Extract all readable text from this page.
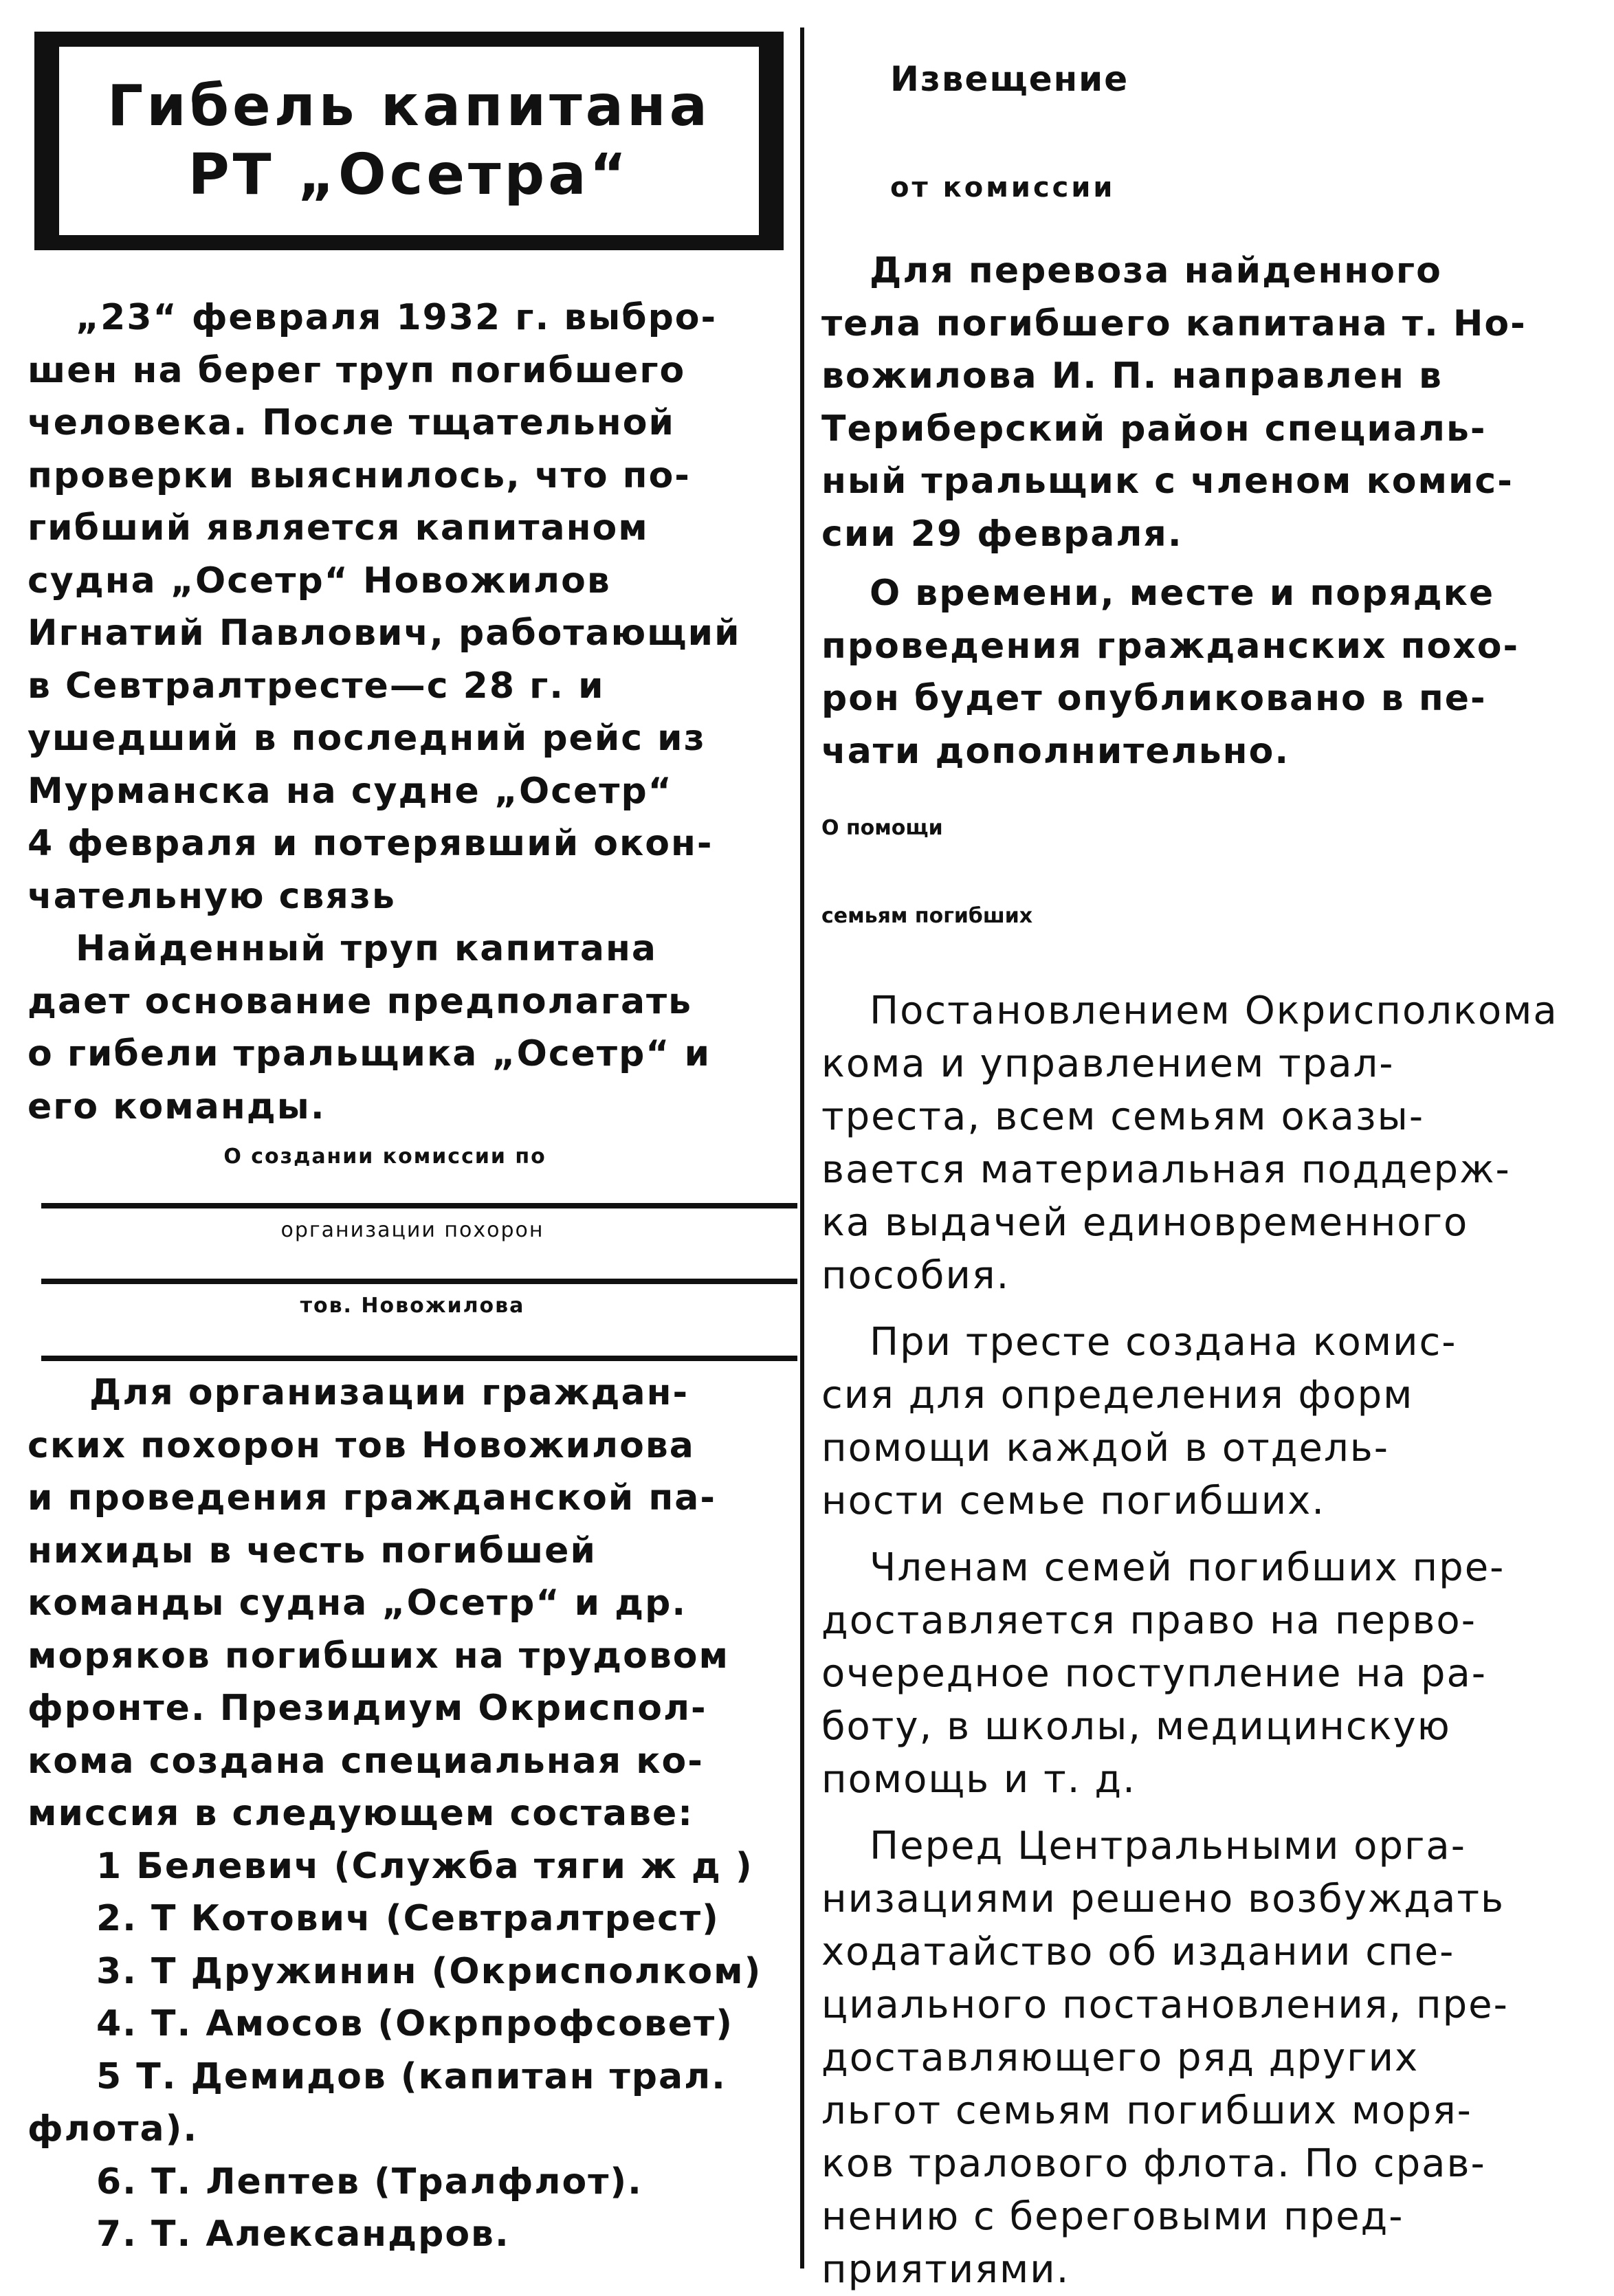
Гибель капитана
РТ „Осетра“
„23“ февраля 1932 г. выбро-
шен на берег труп погибшего
человека. После тщательной
проверки выяснилось, что по-
гибший является капитаном
судна „Осетр“ Новожилов
Игнатий Павлович, работающий
в Севтралтресте—с 28 г. и
ушедший в последний рейс из
Мурманска на судне „Осетр“
4 февраля и потерявший окон-
чательную связь
Найденный труп капитана
дает основание предполагать
о гибели тральщика „Осетр“ и
его команды.
О создании комиссии по
организации похорон
тов. Новожилова
Для организации граждан-
ских похорон тов Новожилова
и проведения гражданской па-
нихиды в честь погибшей
команды судна „Осетр“ и др.
моряков погибших на трудовом
фронте. Президиум Окриспол-
кома создана специальная ко-
миссия в следующем составе:
1 Белевич (Служба тяги ж д )
2. Т Котович (Севтралтрест)
3. Т Дружинин (Окрисполком)
4. Т. Амосов (Окрпрофсовет)
5 Т. Демидов (капитан трал.
флота).
6. Т. Лептев (Тралфлот).
7. Т. Александров.
Извещение
от комиссии
Для перевоза найденного
тела погибшего капитана т. Но-
вожилова И. П. направлен в
Териберский район специаль-
ный тральщик с членом комис-
сии 29 февраля.
О времени, месте и порядке
проведения гражданских похо-
рон будет опубликовано в пе-
чати дополнительно.
О помощи
семьям погибших
Постановлением Окрисполкома
кома и управлением трал-
треста, всем семьям оказы-
вается материальная поддерж-
ка выдачей единовременного
пособия.
При тресте создана комис-
сия для определения форм
помощи каждой в отдель-
ности семье погибших.
Членам семей погибших пре-
доставляется право на перво-
очередное поступление на ра-
боту, в школы, медицинскую
помощь и т. д.
Перед Центральными орга-
низациями решено возбуждать
ходатайство об издании спе-
циального постановления, пре-
доставляющего ряд других
льгот семьям погибших моря-
ков тралового флота. По срав-
нению с береговыми пред-
приятиями.
